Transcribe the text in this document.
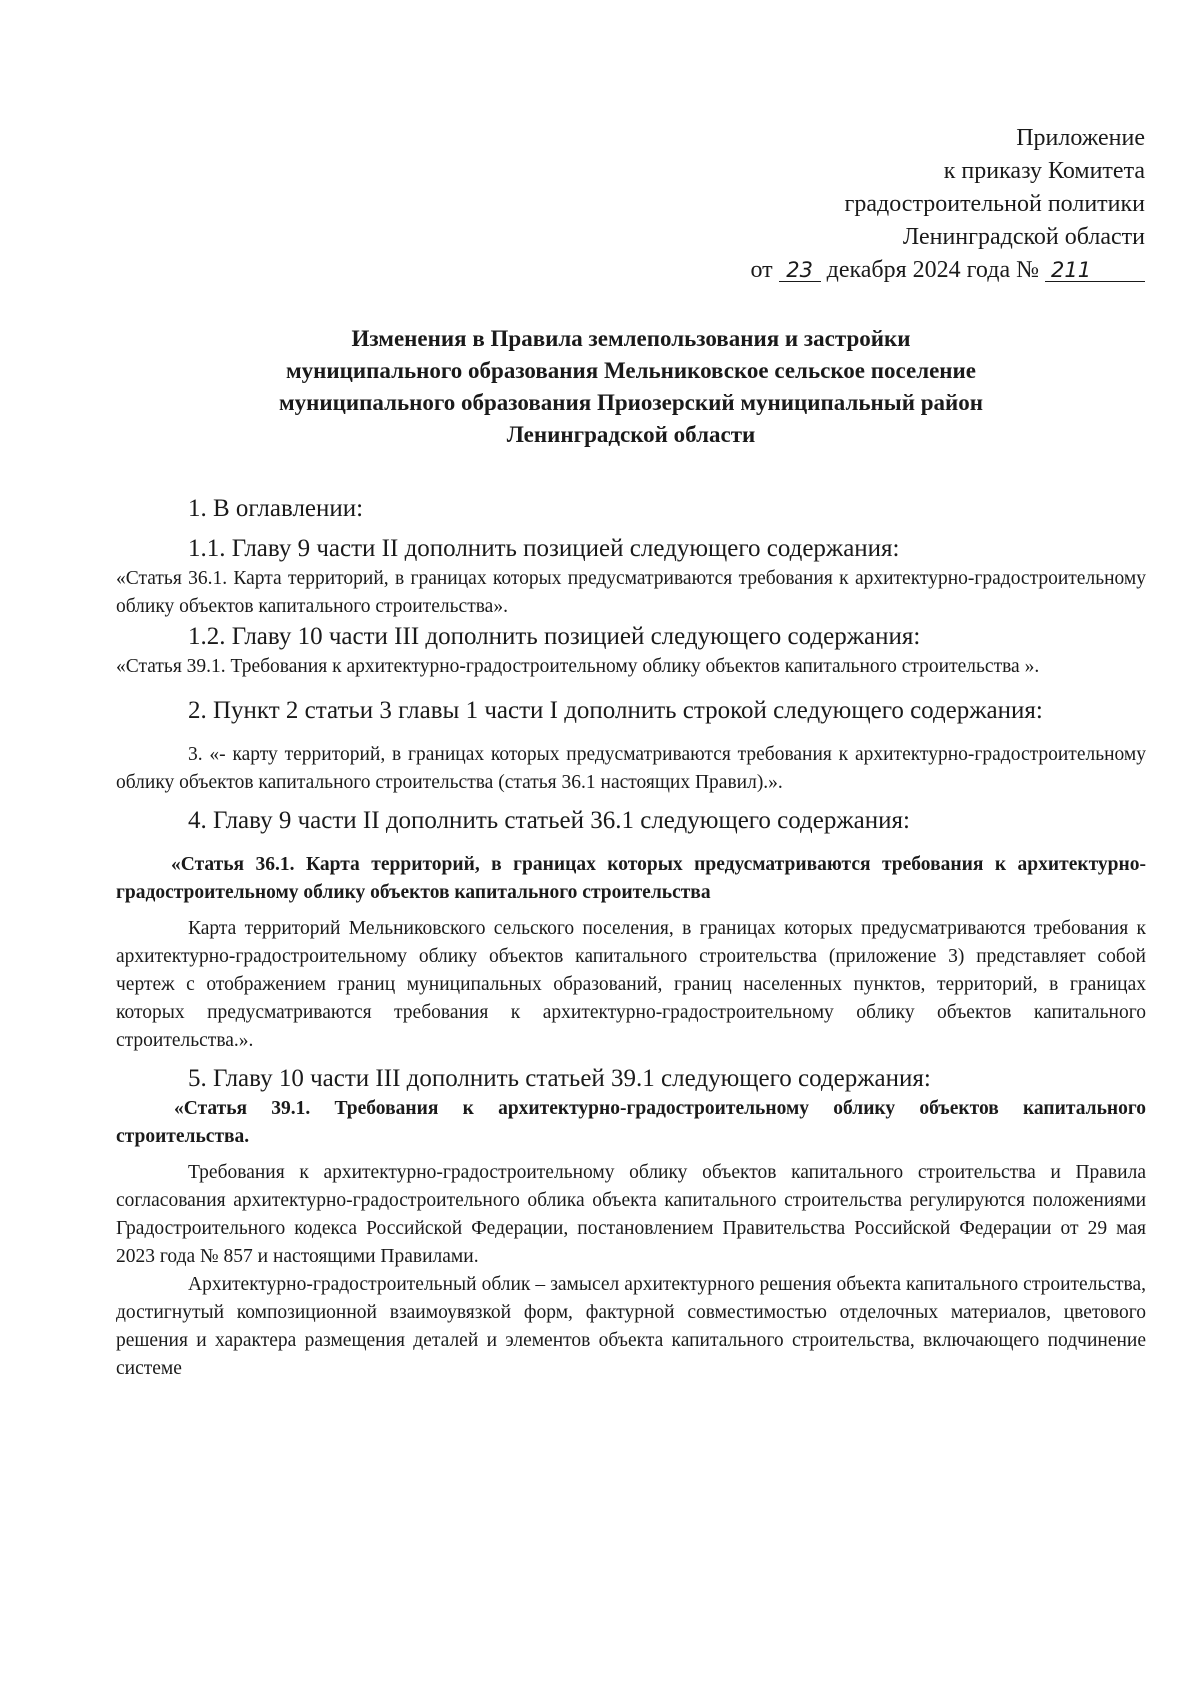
Приложение
к приказу Комитета
градостроительной политики
Ленинградской области
от 23 декабря 2024 года № 211
Изменения в Правила землепользования и застройки
муниципального образования Мельниковское сельское поселение
муниципального образования Приозерский муниципальный район
Ленинградской области

1. В оглавлении:

1.1. Главу 9 части II дополнить позицией следующего содержания:

«Статья 36.1. Карта территорий, в границах которых предусматриваются требования к архитектурно-градостроительному облику объектов капитального строительства».

1.2. Главу 10 части III дополнить позицией следующего содержания:

«Статья 39.1. Требования к архитектурно-градостроительному облику объектов капитального строительства ».

2. Пункт 2 статьи 3 главы 1 части I дополнить строкой следующего содержания:

3. «- карту территорий, в границах которых предусматриваются требования к архитектурно-градостроительному облику объектов капитального строительства (статья 36.1 настоящих Правил).».

4. Главу 9 части II дополнить статьей 36.1 следующего содержания:

«Статья 36.1. Карта территорий, в границах которых предусматриваются требования к архитектурно-градостроительному облику объектов капитального строительства

Карта территорий Мельниковского сельского поселения, в границах которых предусматриваются требования к архитектурно-градостроительному облику объектов капитального строительства (приложение 3) представляет собой чертеж с отображением границ муниципальных образований, границ населенных пунктов, территорий, в границах которых предусматриваются требования к архитектурно-градостроительному облику объектов капитального строительства.».

5. Главу 10 части III дополнить статьей 39.1 следующего содержания:

«Статья 39.1. Требования к архитектурно-градостроительному облику объектов капитального строительства.

Требования к архитектурно-градостроительному облику объектов капитального строительства и Правила согласования архитектурно-градостроительного облика объекта капитального строительства регулируются положениями Градостроительного кодекса Российской Федерации, постановлением Правительства Российской Федерации от 29 мая 2023 года № 857 и настоящими Правилами.

Архитектурно-градостроительный облик – замысел архитектурного решения объекта капитального строительства, достигнутый композиционной взаимоувязкой форм, фактурной совместимостью отделочных материалов, цветового решения и характера размещения деталей и элементов объекта капитального строительства, включающего подчинение системе
